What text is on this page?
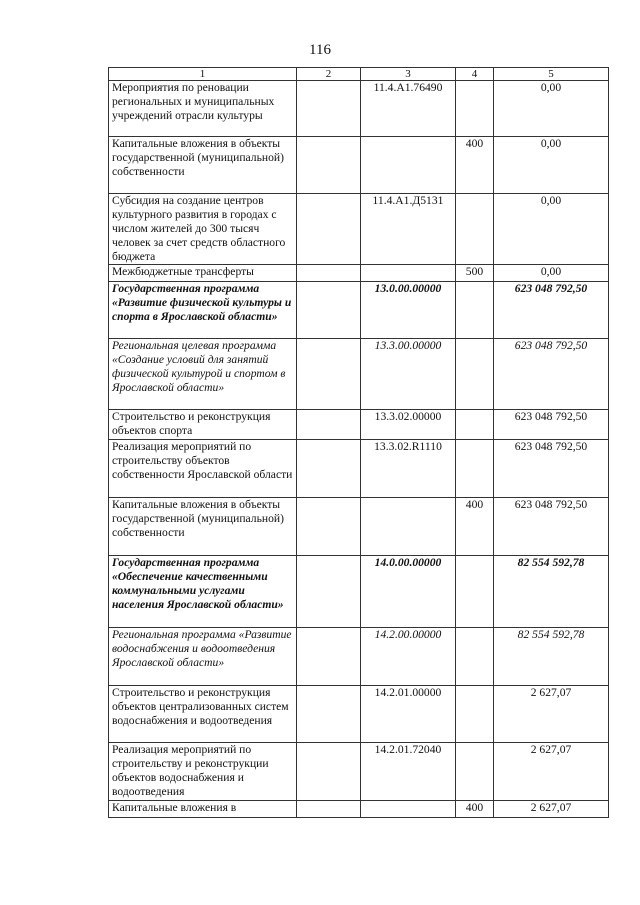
116
1	2	3	4	5
Мероприятия по реновации региональных и муниципальных учреждений отрасли культуры		11.4.A1.76490		0,00
Капитальные вложения в объекты государственной (муниципальной) собственности			400	0,00
Субсидия на создание центров культурного развития в городах с числом жителей до 300 тысяч человек за счет средств областного бюджета		11.4.A1.Д5131		0,00
Межбюджетные трансферты			500	0,00
Государственная программа «Развитие физической культуры и спорта в Ярославской области»		13.0.00.00000		623 048 792,50
Региональная целевая программа «Создание условий для занятий физической культурой и спортом в Ярославской области»		13.3.00.00000		623 048 792,50
Строительство и реконструкция объектов спорта		13.3.02.00000		623 048 792,50
Реализация мероприятий по строительству объектов собственности Ярославской области		13.3.02.R1110		623 048 792,50
Капитальные вложения в объекты государственной (муниципальной) собственности			400	623 048 792,50
Государственная программа «Обеспечение качественными коммунальными услугами населения Ярославской области»		14.0.00.00000		82 554 592,78
Региональная программа «Развитие водоснабжения и водоотведения Ярославской области»		14.2.00.00000		82 554 592,78
Строительство и реконструкция объектов централизованных систем водоснабжения и водоотведения		14.2.01.00000		2 627,07
Реализация мероприятий по строительству и реконструкции объектов водоснабжения и водоотведения		14.2.01.72040		2 627,07
Капитальные вложения в			400	2 627,07
